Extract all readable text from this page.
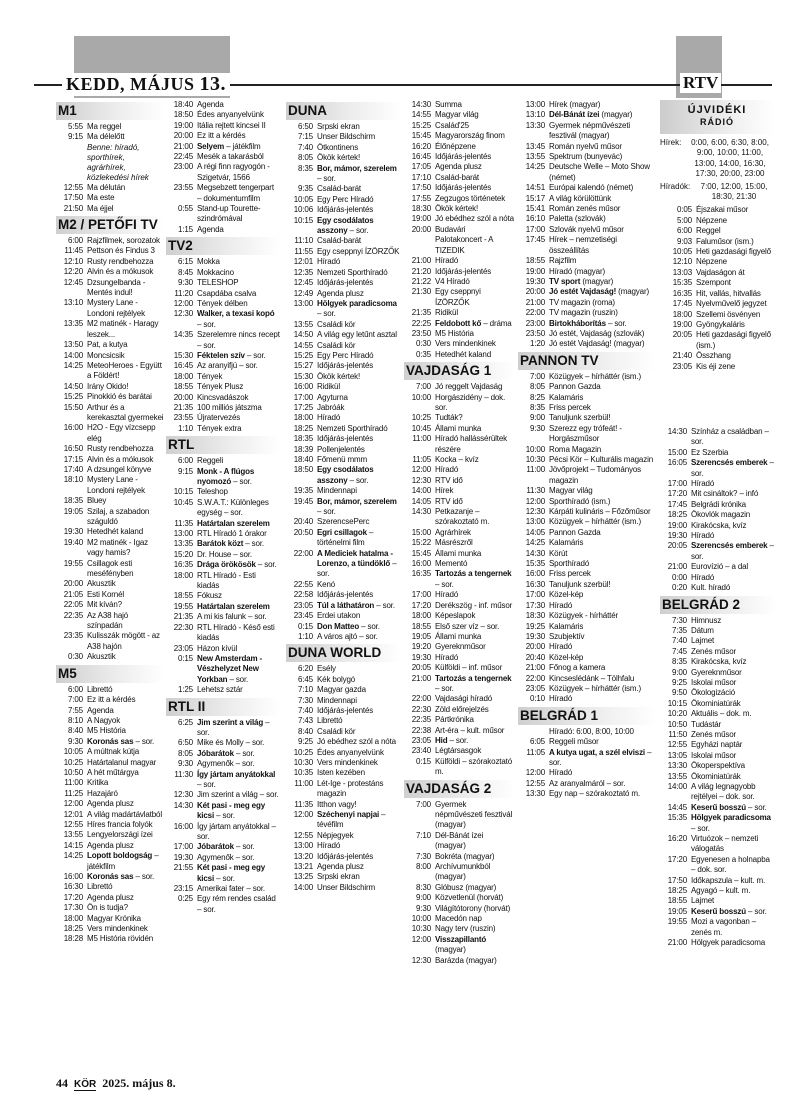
KEDD, MÁJUS 13.	RTV
M1
5:55 Ma reggel
9:15 Ma délelőtt
Benne: híradó, sporthírek, agrárhírek, közlekedési hírek
12:55 Ma délután
17:50 Ma este
21:50 Ma éjjel
M2 / PETŐFI TV
6:00 Rajzfilmek, sorozatok
11:45 Pettson és Findus 3
12:10 Rusty rendbehozza
12:20 Alvin és a mókusok
12:45 Dzsungelbanda - Mentés indul!
13:10 Mystery Lane - Londoni rejtélyek
13:35 M2 matinék - Haragy leszek...
13:50 Pat, a kutya
14:00 Moncsicsik
14:25 MeteoHeroes - Együtt a Földért!
14:50 Irány Okido!
15:25 Pinokkió és barátai
15:50 Arthur és a kerekasztal gyermekei
16:00 H2O - Egy vízcsepp elég
16:50 Rusty rendbehozza
17:15 Alvin és a mókusok
17:40 A dzsungel könyve
18:10 Mystery Lane - Londoni rejtélyek
18:35 Bluey
19:05 Szilaj, a szabadon száguldó
19:30 Hetedhét kaland
19:40 M2 matinék - Igaz vagy hamis?
19:55 Csillagok esti meséfényben
20:00 Akusztik
21:05 Esti Kornél
22:05 Mit kíván?
22:35 Az A38 hajó színpadán
23:35 Kulisszák mögött - az A38 hajón
0:30 Akusztik
M5
6:00 Librettó
7:00 Ez itt a kérdés
7:55 Agenda
8:10 A Nagyok
8:40 M5 História
9:30 Koronás sas – sor.
10:05 A múltnak kútja
10:25 Határtalanul magyar
10:50 A hét műtárgya
11:00 Kritika
11:25 Hazajáró
12:00 Agenda plusz
12:01 A világ madártávlatból
12:55 Híres francia folyók
13:55 Lengyelországi ízei
14:15 Agenda plusz
14:25 Lopott boldogság – játékfilm
16:00 Koronás sas – sor.
16:30 Librettó
17:20 Agenda plusz
17:30 Ön is tudja?
18:00 Magyar Krónika
18:25 Vers mindenkinek
18:28 M5 História rövidén
18:40 Agenda
18:50 Édes anyanyelvünk
19:00 Itália rejtett kincsei II
20:00 Ez itt a kérdés
21:00 Selyem – játékfilm
22:45 Mesék a takarásból
23:00 A régi finn ragyogón - Szigetvár, 1566
23:55 Megsebzett tengerpart – dokumentumfilm
0:55 Stand-up Tourette-szindrómával
1:15 Agenda
TV2
6:15 Mokka
8:45 Mokkacino
9:30 TELESHOP
11:20 Csapdába csalva
12:00 Tények délben
12:30 Walker, a texasi kopó – sor.
14:35 Szerelemre nincs recept – sor.
15:30 Féktelen szív – sor.
16:45 Az aranyifjú – sor.
18:00 Tények
18:55 Tények Plusz
20:00 Kincsvadászok
21:35 100 milliós játszma
23:55 Újratervezés
1:10 Tények extra
RTL
6:00 Reggeli
9:15 Monk - A flúgos nyomozó – sor.
10:15 Teleshop
10:45 S.W.A.T.: Különleges egység – sor.
11:35 Határtalan szerelem
13:00 RTL Híradó 1 órakor
13:35 Barátok közt – sor.
15:20 Dr. House – sor.
16:35 Drága örökösök – sor.
18:00 RTL Híradó - Esti kiadás
18:55 Fókusz
19:55 Határtalan szerelem
21:35 A mi kis falunk – sor.
22:30 RTL Híradó - Késő esti kiadás
23:05 Házon kívül
0:15 New Amsterdam - Vészhelyzet New Yorkban – sor.
1:25 Lehetsz sztár
RTL II
6:25 Jim szerint a világ – sor.
6:50 Mike és Molly – sor.
8:05 Jóbarátok – sor.
9:30 Agymenők – sor.
11:30 Így jártam anyátokkal – sor.
12:30 Jim szerint a világ – sor.
14:30 Két pasi - meg egy kicsi – sor.
16:00 Így jártam anyátokkal – sor.
17:00 Jóbarátok – sor.
19:30 Agymenők – sor.
21:55 Két pasi - meg egy kicsi – sor.
23:15 Amerikai fater – sor.
0:25 Egy rém rendes család – sor.
DUNA
6:50 Srpski ekran
7:15 Unser Bildschirm
7:40 Ötkontinens
8:05 Ökök kértek!
8:35 Bor, mámor, szerelem – sor.
9:35 Család-barát
10:05 Egy Perc Híradó
10:06 Időjárás-jelentés
10:15 Egy csodálatos asszony – sor.
11:10 Család-barát
11:55 Egy cseppnyi ÍZÖRZŐK
12:01 Híradó
12:35 Nemzeti Sporthíradó
12:45 Időjárás-jelentés
12:49 Agenda plusz
13:00 Hölgyek paradicsoma – sor.
13:55 Családi kör
14:50 A világ egy letűnt asztal
14:55 Családi kör
15:25 Egy Perc Híradó
15:27 Időjárás-jelentés
15:30 Ökök kértek!
16:00 Ridikül
17:00 Agyturna
17:25 Jabróák
18:00 Híradó
18:25 Nemzeti Sporthíradó
18:35 Időjárás-jelentés
18:39 Pollenjelentés
18:40 Főmenü mmm
18:50 Egy csodálatos asszony – sor.
19:35 Mindennapi
19:45 Bor, mámor, szerelem – sor.
20:40 SzerencsePerc
20:50 Egri csillagok – történelmi film
22:00 A Mediciek hatalma - Lorenzo, a tündöklő – sor.
22:55 Kenó
22:58 Időjárás-jelentés
23:05 Túl a láthatáron – sor.
23:45 Erdei utakon
0:15 Don Matteo – sor.
1:10 A város ajtó – sor.
DUNA WORLD
6:20 Esély
6:45 Kék bolygó
7:10 Magyar gazda
7:30 Mindennapi
7:40 Időjárás-jelentés
7:43 Librettó
8:40 Családi kör
9:25 Jó ebédhez szól a nóta
10:25 Édes anyanyelvünk
10:30 Vers mindenkinek
10:35 Isten kezében
11:00 Lét-Ige - protestáns magazin
11:35 Itthon vagy!
12:00 Széchenyi napjai – tévéfilm
12:55 Népjegyek
13:00 Híradó
13:20 Időjárás-jelentés
13:21 Agenda plusz
13:25 Srpski ekran
14:00 Unser Bildschirm
14:30 Summa
14:55 Magyar világ
15:25 Család'25
15:45 Magyarország finom
16:20 Élőnépzene
16:45 Időjárás-jelentés
17:05 Agenda plusz
17:10 Család-barát
17:50 Időjárás-jelentés
17:55 Zegzugos történetek
18:30 Ökök kértek!
19:00 Jó ebédhez szól a nóta
20:00 Budavári Palotakoncert - A TIZEDIK
21:00 Híradó
21:20 Időjárás-jelentés
21:22 V4 Híradó
21:30 Egy cseppnyi ÍZÖRZŐK
21:35 Ridikül
22:25 Feldobott kő – dráma
23:50 M5 História
0:30 Vers mindenkinek
0:35 Hetedhét kaland
VAJDASÁG 1
7:00 Jó reggelt Vajdaság
10:00 Horgászidény – dok. sor.
10:25 Tudták?
10:45 Állami munka
11:00 Híradó hallássérültek részére
11:05 Kocka – kvíz
12:00 Híradó
12:30 RTV idő
14:00 Hírek
14:05 RTV idő
14:30 Petkazanje – szórakoztató m.
15:00 Agrárhírek
15:22 Másrészről
15:45 Állami munka
16:00 Mementó
16:35 Tartozás a tengernek – sor.
17:00 Híradó
17:20 Derékszög - inf. műsor
18:00 Képeslapok
18:55 Első szer víz – sor.
19:05 Állami munka
19:20 Gyereknműsor
19:30 Híradó
20:05 Külföldi – inf. műsor
21:00 Tartozás a tengernek – sor.
22:00 Vajdasági híradó
22:30 Zöld előrejelzés
22:35 Pártkrónika
22:38 Art-éra – kult. műsor
23:05 Hid – sor.
23:40 Légtársasgok
0:15 Külföldi – szórakoztató m.
VAJDASÁG 2
7:00 Gyermek népművészeti fesztivál (magyar)
7:10 Dél-Bánát ízei (magyar)
7:30 Bokréta (magyar)
8:00 Archívumunkból (magyar)
8:30 Glóbusz (magyar)
9:00 Közvetlenül (horvát)
9:30 Világítótorony (horvát)
10:00 Macedón nap
10:30 Nagy terv (ruszin)
12:00 Visszapillantó (magyar)
12:30 Barázda (magyar)
13:00 Hírek (magyar)
13:10 Dél-Bánát ízei (magyar)
13:30 Gyermek népművészeti fesztivál (magyar)
13:45 Román nyelvű műsor
13:55 Spektrum (bunyevác)
14:25 Deutsche Welle – Moto Show (német)
14:51 Európai kalendó (német)
15:17 A világ körülöttünk
15:41 Román zenés műsor
16:10 Paletta (szlovák)
17:00 Szlovák nyelvű műsor
17:45 Hírek – nemzetiségi összeállítás
18:55 Rajzfilm
19:00 Híradó (magyar)
19:30 TV sport (magyar)
20:00 Jó estét Vajdaság! (magyar)
21:00 TV magazin (roma)
22:00 TV magazin (ruszin)
23:00 Birtokháborítás – sor.
23:50 Jó estét, Vajdaság (szlovák)
1:20 Jó estét Vajdaság! (magyar)
PANNON TV
7:00 Közügyek – hírháttér (ism.)
8:05 Pannon Gazda
8:25 Kalamáris
8:35 Friss percek
9:00 Tanuljunk szerbül!
9:30 Szerezz egy trófeát! - Horgászműsor
10:00 Roma Magazin
10:30 Pécsi Kör – Kulturális magazin
11:00 Jövőprojekt – Tudományos magazin
11:30 Magyar világ
12:00 Sporthíradó (ism.)
12:30 Kárpáti kulináris – Főzőműsor
13:00 Közügyek – hírháttér (ism.)
14:05 Pannon Gazda
14:25 Kalamáris
14:30 Körút
15:35 Sporthíradó
16:00 Friss percek
16:30 Tanuljunk szerbül!
17:00 Közel-kép
17:30 Híradó
18:30 Közügyek - hírháttér
19:25 Kalamáris
19:30 Szubjektív
20:00 Híradó
20:40 Közel-kép
21:00 Főnog a kamera
22:00 Kincseslédánk – Tölhfalu
23:05 Közügyek – hírháttér (ism.)
0:10 Híradó
BELGRÁD 1
Híradó: 6:00, 8:00, 10:00
6:05 Reggeli műsor
11:05 A kutya ugat, a szél elviszi – sor.
12:00 Híradó
12:55 Az aranyalmáról – sor.
13:30 Egy nap – szórakoztató m.
ÚJVIDÉKI
RÁDIÓ
Hírek:	0:00, 6:00, 6:30, 8:00, 9:00, 10:00, 11:00, 13:00, 14:00, 16:30, 17:30, 20:00, 23:00
Híradók:	7:00, 12:00, 15:00, 18:30, 21:30
0:05 Éjszakai műsor
5:00 Népzene
6:00 Reggel
9:03 Faluműsor (ism.)
10:05 Heti gazdasági figyelő
12:10 Népzene
13:03 Vajdaságon át
15:35 Szempont
16:35 Hit, vallás, hitvallás
17:45 Nyelvművelő jegyzet
18:00 Szellemi ösvényen
19:00 Gyöngykaláris
20:05 Heti gazdasági figyelő (ism.)
21:40 Összhang
23:05 Kis éji zene
14:30 Színház a családban – sor.
15:00 Ez Szerbia
16:05 Szerencsés emberek – sor.
17:00 Híradó
17:20 Mit csináltok? – infó
17:45 Belgrádi krónika
18:25 Ökovlók magazin
19:00 Kirakócska, kvíz
19:30 Híradó
20:05 Szerencsés emberek – sor.
21:00 Eurovízió – a dal
0:00 Híradó
0:20 Kult. híradó
BELGRÁD 2
7:30 Himnusz
7:35 Dátum
7:40 Lajmet
7:45 Zenés műsor
8:35 Kirakócska, kvíz
9:00 Gyereknműsor
9:25 Iskolai műsor
9:50 Ökologizáció
10:15 Ökominiatúrák
10:20 Aktuális – dok. m.
10:50 Tudástár
11:50 Zenés műsor
12:55 Egyházi naptár
13:05 Iskolai műsor
13:30 Ökoperspektíva
13:55 Ökominiatúrák
14:00 A világ legnagyobb rejtélyei – dok. sor.
14:45 Keserű bosszú – sor.
15:35 Hölgyek paradicsoma – sor.
16:20 Virtuózok – nemzeti válogatás
17:20 Egyenesen a holnapba – dok. sor.
17:50 Időkapszula – kult. m.
18:25 Agyagó – kult. m.
18:55 Lajmet
19:05 Keserű bosszú – sor.
19:55 Mozi a vagonban – zenés m.
21:00 Hölgyek paradicsoma
44 KÖR 2025. május 8.
